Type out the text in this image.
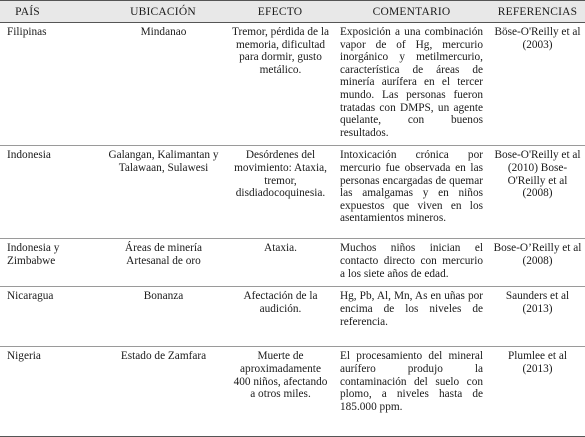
PAÍS	UBICACIÓN	EFECTO	COMENTARIO	REFERENCIAS
Filipinas	Mindanao	Tremor, pérdida de la memoria, dificultad para dormir, gusto metálico.	Exposición a una combinación vapor de of Hg, mercurio inorgánico y metilmercurio, característica de áreas de minería aurífera en el tercer mundo. Las personas fueron tratadas con DMPS, un agente quelante, con buenos resultados.	Böse-O'Reilly et al (2003)
Indonesia	Galangan, Kalimantan y Talawaan, Sulawesi	Desórdenes del movimiento: Ataxia, tremor, disdiadocoquinesia.	Intoxicación crónica por mercurio fue observada en las personas encargadas de quemar las amalgamas y en niños expuestos que viven en los asentamientos mineros.	Bose-O'Reilly et al (2010) Bose-O'Reilly et al (2008)
Indonesia y Zimbabwe	Áreas de minería Artesanal de oro	Ataxia.	Muchos niños inician el contacto directo con mercurio a los siete años de edad.	Bose-O’Reilly et al (2008)
Nicaragua	Bonanza	Afectación de la audición.	Hg, Pb, Al, Mn, As en uñas por encima de los niveles de referencia.	Saunders et al (2013)
Nigeria	Estado de Zamfara	Muerte de aproximadamente 400 niños, afectando a otros miles.	El procesamiento del mineral aurífero produjo la contaminación del suelo con plomo, a niveles hasta de 185.000 ppm.	Plumlee et al (2013)
